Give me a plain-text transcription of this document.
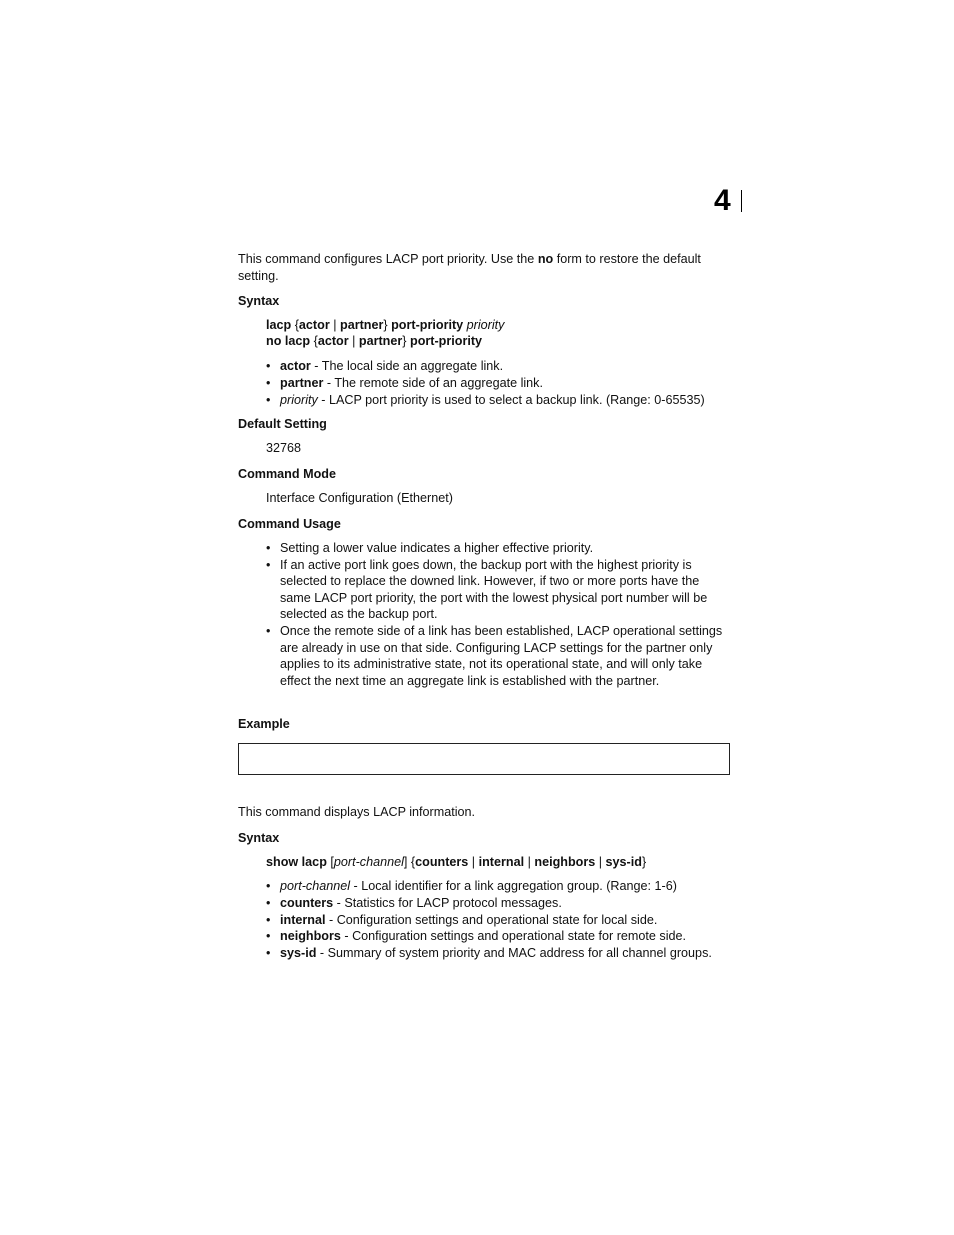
4

This command configures LACP port priority. Use the no form to restore the default setting.

Syntax

lacp {actor | partner} port-priority priority

no lacp {actor | partner} port-priority

• actor - The local side an aggregate link.
• partner - The remote side of an aggregate link.
• priority - LACP port priority is used to select a backup link. (Range: 0-65535)

Default Setting

32768

Command Mode

Interface Configuration (Ethernet)

Command Usage

• Setting a lower value indicates a higher effective priority.
• If an active port link goes down, the backup port with the highest priority is selected to replace the downed link. However, if two or more ports have the same LACP port priority, the port with the lowest physical port number will be selected as the backup port.
• Once the remote side of a link has been established, LACP operational settings are already in use on that side. Configuring LACP settings for the partner only applies to its administrative state, not its operational state, and will only take effect the next time an aggregate link is established with the partner.

Example

This command displays LACP information.

Syntax

show lacp [port-channel] {counters | internal | neighbors | sys-id}

• port-channel - Local identifier for a link aggregation group. (Range: 1-6)
• counters - Statistics for LACP protocol messages.
• internal - Configuration settings and operational state for local side.
• neighbors - Configuration settings and operational state for remote side.
• sys-id - Summary of system priority and MAC address for all channel groups.
